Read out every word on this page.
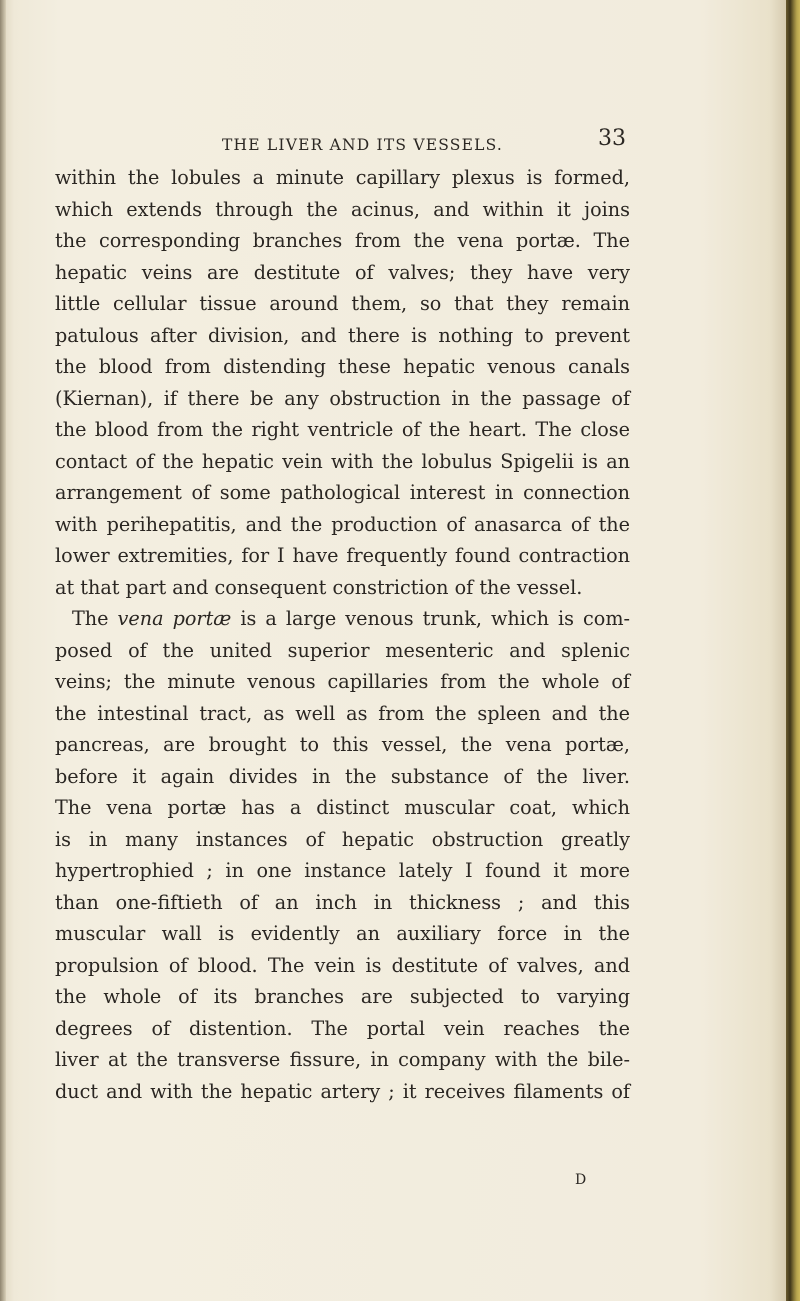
THE LIVER AND ITS VESSELS.	33
within the lobules a minute capillary plexus is formed,
which extends through the acinus, and within it joins
the corresponding branches from the vena portæ. The
hepatic veins are destitute of valves; they have very
little cellular tissue around them, so that they remain
patulous after division, and there is nothing to prevent
the blood from distending these hepatic venous canals
(Kiernan), if there be any obstruction in the passage of
the blood from the right ventricle of the heart. The close
contact of the hepatic vein with the lobulus Spigelii is an
arrangement of some pathological interest in connection
with perihepatitis, and the production of anasarca of the
lower extremities, for I have frequently found contraction
at that part and consequent constriction of the vessel.
The vena portæ is a large venous trunk, which is com-
posed of the united superior mesenteric and splenic
veins; the minute venous capillaries from the whole of
the intestinal tract, as well as from the spleen and the
pancreas, are brought to this vessel, the vena portæ,
before it again divides in the substance of the liver.
The vena portæ has a distinct muscular coat, which
is in many instances of hepatic obstruction greatly
hypertrophied ; in one instance lately I found it more
than one-fiftieth of an inch in thickness ; and this
muscular wall is evidently an auxiliary force in the
propulsion of blood. The vein is destitute of valves, and
the whole of its branches are subjected to varying
degrees of distention. The portal vein reaches the
liver at the transverse fissure, in company with the bile-
duct and with the hepatic artery ; it receives filaments of
D
